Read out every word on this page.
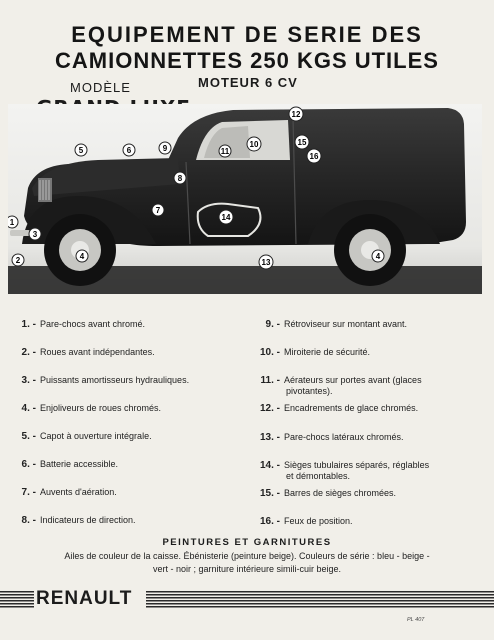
EQUIPEMENT DE SERIE DES
CAMIONNETTES 250 KGS UTILES
MOTEUR 6 CV
MODÈLE
1
2
3
4	4
5	6
7
8
9	10
11
12
13
14
15
16
1. - Pare-chocs avant chromé.
2. - Roues avant indépendantes.
3. - Puissants amortisseurs hydrauliques.
4. - Enjoliveurs de roues chromés.
5. - Capot à ouverture intégrale.
6. - Batterie accessible.
7. - Auvents d'aération.
8. - Indicateurs de direction.
9. - Rétroviseur sur montant avant.
10. - Miroiterie de sécurité.
11. - Aérateurs sur portes avant (glaces
pivotantes).
12. - Encadrements de glace chromés.
13. - Pare-chocs latéraux chromés.
14. - Sièges tubulaires séparés, réglables
et démontables.
15. - Barres de sièges chromées.
16. - Feux de position.
PEINTURES ET GARNITURES
Ailes de couleur de la caisse. Ébénisterie (peinture beige). Couleurs de série : bleu - beige -
vert - noir ; garniture intérieure simili-cuir beige.
RENAULT
PL 407
